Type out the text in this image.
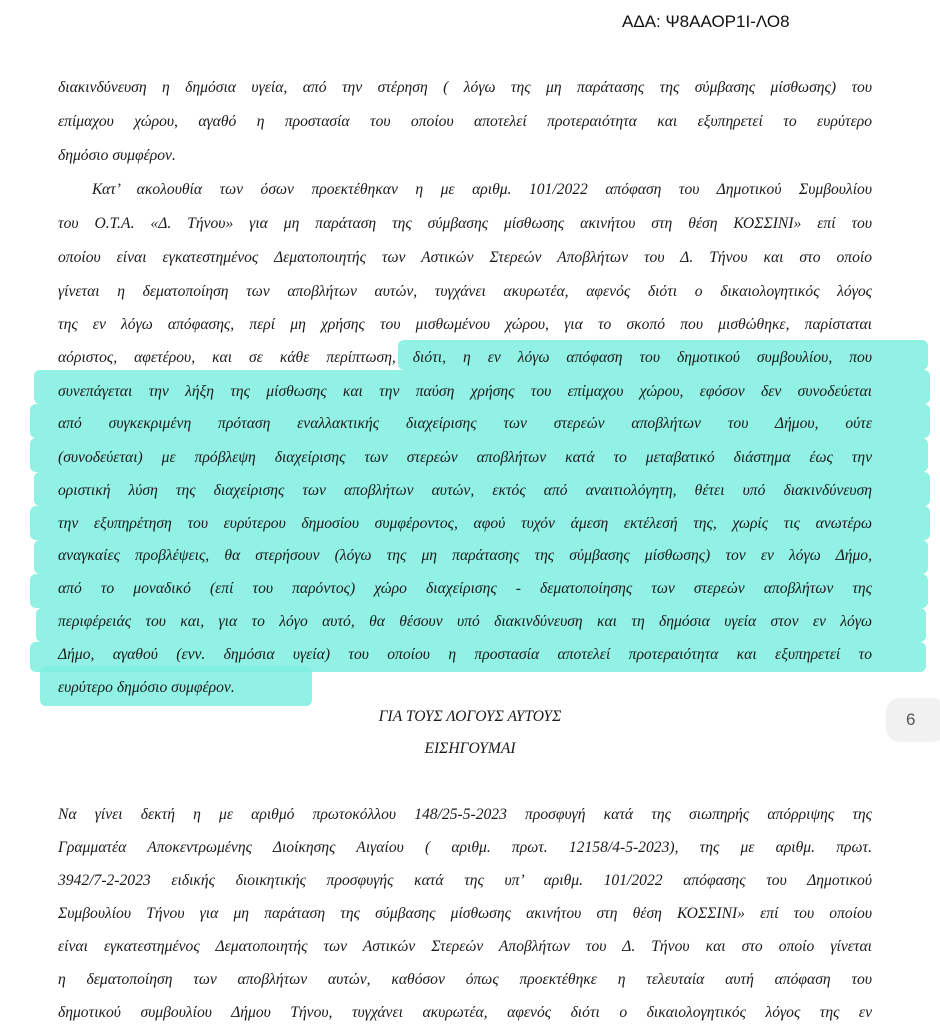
ΑΔΑ: Ψ8ΑΑΟΡ1Ι-ΛΟ8
διακινδύνευση η δημόσια υγεία, από την στέρηση ( λόγω της μη παράτασης της σύμβασης μίσθωσης) του
επίμαχου χώρου, αγαθό η προστασία του οποίου αποτελεί προτεραιότητα και εξυπηρετεί το ευρύτερο
δημόσιο συμφέρον.
Κατ’ ακολουθία των όσων προεκτέθηκαν η με αριθμ. 101/2022 απόφαση του Δημοτικού Συμβουλίου
του Ο.Τ.Α. «Δ. Τήνου» για μη παράταση της σύμβασης μίσθωσης ακινήτου στη θέση ΚΟΣΣΙΝΙ» επί του
οποίου είναι εγκατεστημένος Δεματοποιητής των Αστικών Στερεών Αποβλήτων του Δ. Τήνου και στο οποίο
γίνεται η δεματοποίηση των αποβλήτων αυτών, τυγχάνει ακυρωτέα, αφενός διότι ο δικαιολογητικός λόγος
της εν λόγω απόφασης, περί μη χρήσης του μισθωμένου χώρου, για το σκοπό που μισθώθηκε, παρίσταται
αόριστος, αφετέρου, και σε κάθε περίπτωση, διότι, η εν λόγω απόφαση του δημοτικού συμβουλίου, που
συνεπάγεται την λήξη της μίσθωσης και την παύση χρήσης του επίμαχου χώρου, εφόσον δεν συνοδεύεται
από συγκεκριμένη πρόταση εναλλακτικής διαχείρισης των στερεών αποβλήτων του Δήμου, ούτε
(συνοδεύεται) με πρόβλεψη διαχείρισης των στερεών αποβλήτων κατά το μεταβατικό διάστημα έως την
οριστική λύση της διαχείρισης των αποβλήτων αυτών, εκτός από αναιτιολόγητη, θέτει υπό διακινδύνευση
την εξυπηρέτηση του ευρύτερου δημοσίου συμφέροντος, αφού τυχόν άμεση εκτέλεσή της, χωρίς τις ανωτέρω
αναγκαίες προβλέψεις, θα στερήσουν (λόγω της μη παράτασης της σύμβασης μίσθωσης) τον εν λόγω Δήμο,
από το μοναδικό (επί του παρόντος) χώρο διαχείρισης - δεματοποίησης των στερεών αποβλήτων της
περιφέρειάς του και, για το λόγο αυτό, θα θέσουν υπό διακινδύνευση και τη δημόσια υγεία στον εν λόγω
Δήμο, αγαθού (ενν. δημόσια υγεία) του οποίου η προστασία αποτελεί προτεραιότητα και εξυπηρετεί το
ευρύτερο δημόσιο συμφέρον.
Να γίνει δεκτή η με αριθμό πρωτοκόλλου 148/25-5-2023 προσφυγή κατά της σιωπηρής απόρριψης της
Γραμματέα Αποκεντρωμένης Διοίκησης Αιγαίου ( αριθμ. πρωτ. 12158/4-5-2023), της με αριθμ. πρωτ.
3942/7-2-2023 ειδικής διοικητικής προσφυγής κατά της υπ’ αριθμ. 101/2022 απόφασης του Δημοτικού
Συμβουλίου Τήνου για μη παράταση της σύμβασης μίσθωσης ακινήτου στη θέση ΚΟΣΣΙΝΙ» επί του οποίου
είναι εγκατεστημένος Δεματοποιητής των Αστικών Στερεών Αποβλήτων του Δ. Τήνου και στο οποίο γίνεται
η δεματοποίηση των αποβλήτων αυτών, καθόσον όπως προεκτέθηκε η τελευταία αυτή απόφαση του
δημοτικού συμβουλίου Δήμου Τήνου, τυγχάνει ακυρωτέα, αφενός διότι ο δικαιολογητικός λόγος της εν
ΓΙΑ ΤΟΥΣ ΛΟΓΟΥΣ ΑΥΤΟΥΣ
ΕΙΣΗΓΟΥΜΑΙ
6
